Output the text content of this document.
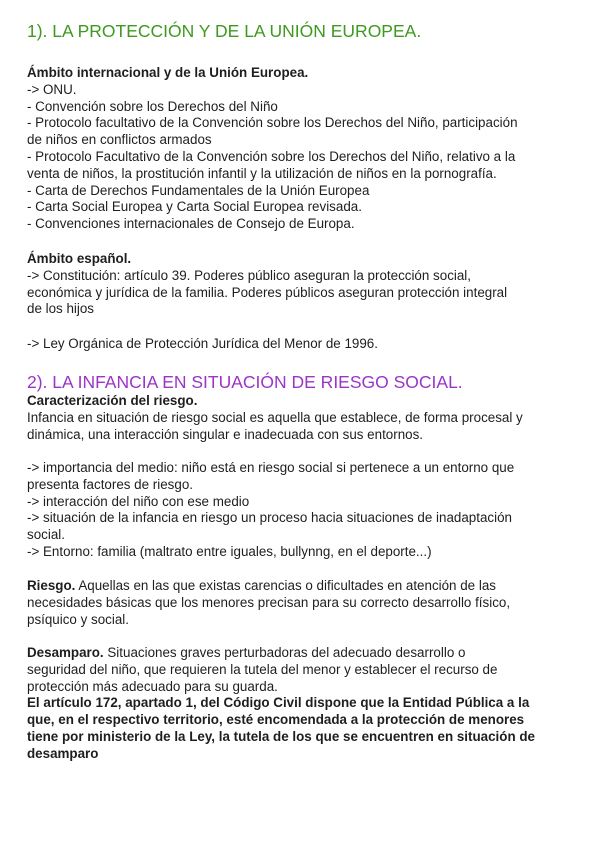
1). LA PROTECCIÓN Y DE LA UNIÓN EUROPEA.
Ámbito internacional y de la Unión Europea.
-> ONU.
- Convención sobre los Derechos del Niño
- Protocolo facultativo de la Convención sobre los Derechos del Niño, participación
de niños en conflictos armados
- Protocolo Facultativo de la Convención sobre los Derechos del Niño, relativo a la
venta de niños, la prostitución infantil y la utilización de niños en la pornografía.
- Carta de Derechos Fundamentales de la Unión Europea
- Carta Social Europea y Carta Social Europea revisada.
- Convenciones internacionales de Consejo de Europa.
Ámbito español.
-> Constitución: artículo 39. Poderes público aseguran la protección social,
económica y jurídica de la familia. Poderes públicos aseguran protección integral
de los hijos
-> Ley Orgánica de Protección Jurídica del Menor de 1996.
2). LA INFANCIA EN SITUACIÓN DE RIESGO SOCIAL.
Caracterización del riesgo.
Infancia en situación de riesgo social es aquella que establece, de forma procesal y
dinámica, una interacción singular e inadecuada con sus entornos.
-> importancia del medio: niño está en riesgo social si pertenece a un entorno que
presenta factores de riesgo.
-> interacción del niño con ese medio
-> situación de la infancia en riesgo un proceso hacia situaciones de inadaptación
social.
-> Entorno: familia (maltrato entre iguales, bullynng, en el deporte...)
Riesgo. Aquellas en las que existas carencias o dificultades en atención de las
necesidades básicas que los menores precisan para su correcto desarrollo físico,
psíquico y social.
Desamparo. Situaciones graves perturbadoras del adecuado desarrollo o
seguridad del niño, que requieren la tutela del menor y establecer el recurso de
protección más adecuado para su guarda.
El artículo 172, apartado 1, del Código Civil dispone que la Entidad Pública a la
que, en el respectivo territorio, esté encomendada a la protección de menores
tiene por ministerio de la Ley, la tutela de los que se encuentren en situación de
desamparo
